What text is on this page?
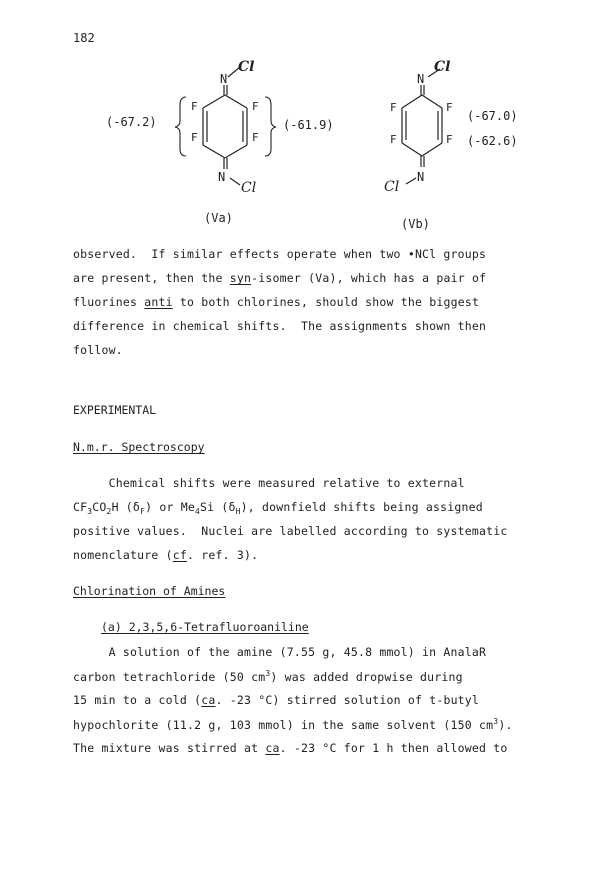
182
N
Cl
F	F
F	F
N
Cl
(-67.2)	(-61.9)
(Va)
N
Cl
F	F
F	F
N
Cl
(-67.0)
(-62.6)
(Vb)
observed.  If similar effects operate when two •NCl groups
are present, then the syn-isomer (Va), which has a pair of
fluorines anti to both chlorines, should show the biggest
difference in chemical shifts.  The assignments shown then
follow.
EXPERIMENTAL
N.m.r. Spectroscopy
Chemical shifts were measured relative to external
$CF_3CO_2H$ $(\delta_F)$ or $Me_4Si$ $(\delta_H)$, downfield shifts being assigned
positive values.  Nuclei are labelled according to systematic
nomenclature (cf. ref. 3).
Chlorination of Amines
(a) 2,3,5,6-Tetrafluoroaniline
A solution of the amine (7.55 g, 45.8 mmol) in AnalaR
carbon tetrachloride (50 $cm^3$) was added dropwise during
15 min to a cold (ca. -23 °C) stirred solution of t-butyl
hypochlorite (11.2 g, 103 mmol) in the same solvent (150 $cm^3$).
The mixture was stirred at ca. -23 °C for 1 h then allowed to
